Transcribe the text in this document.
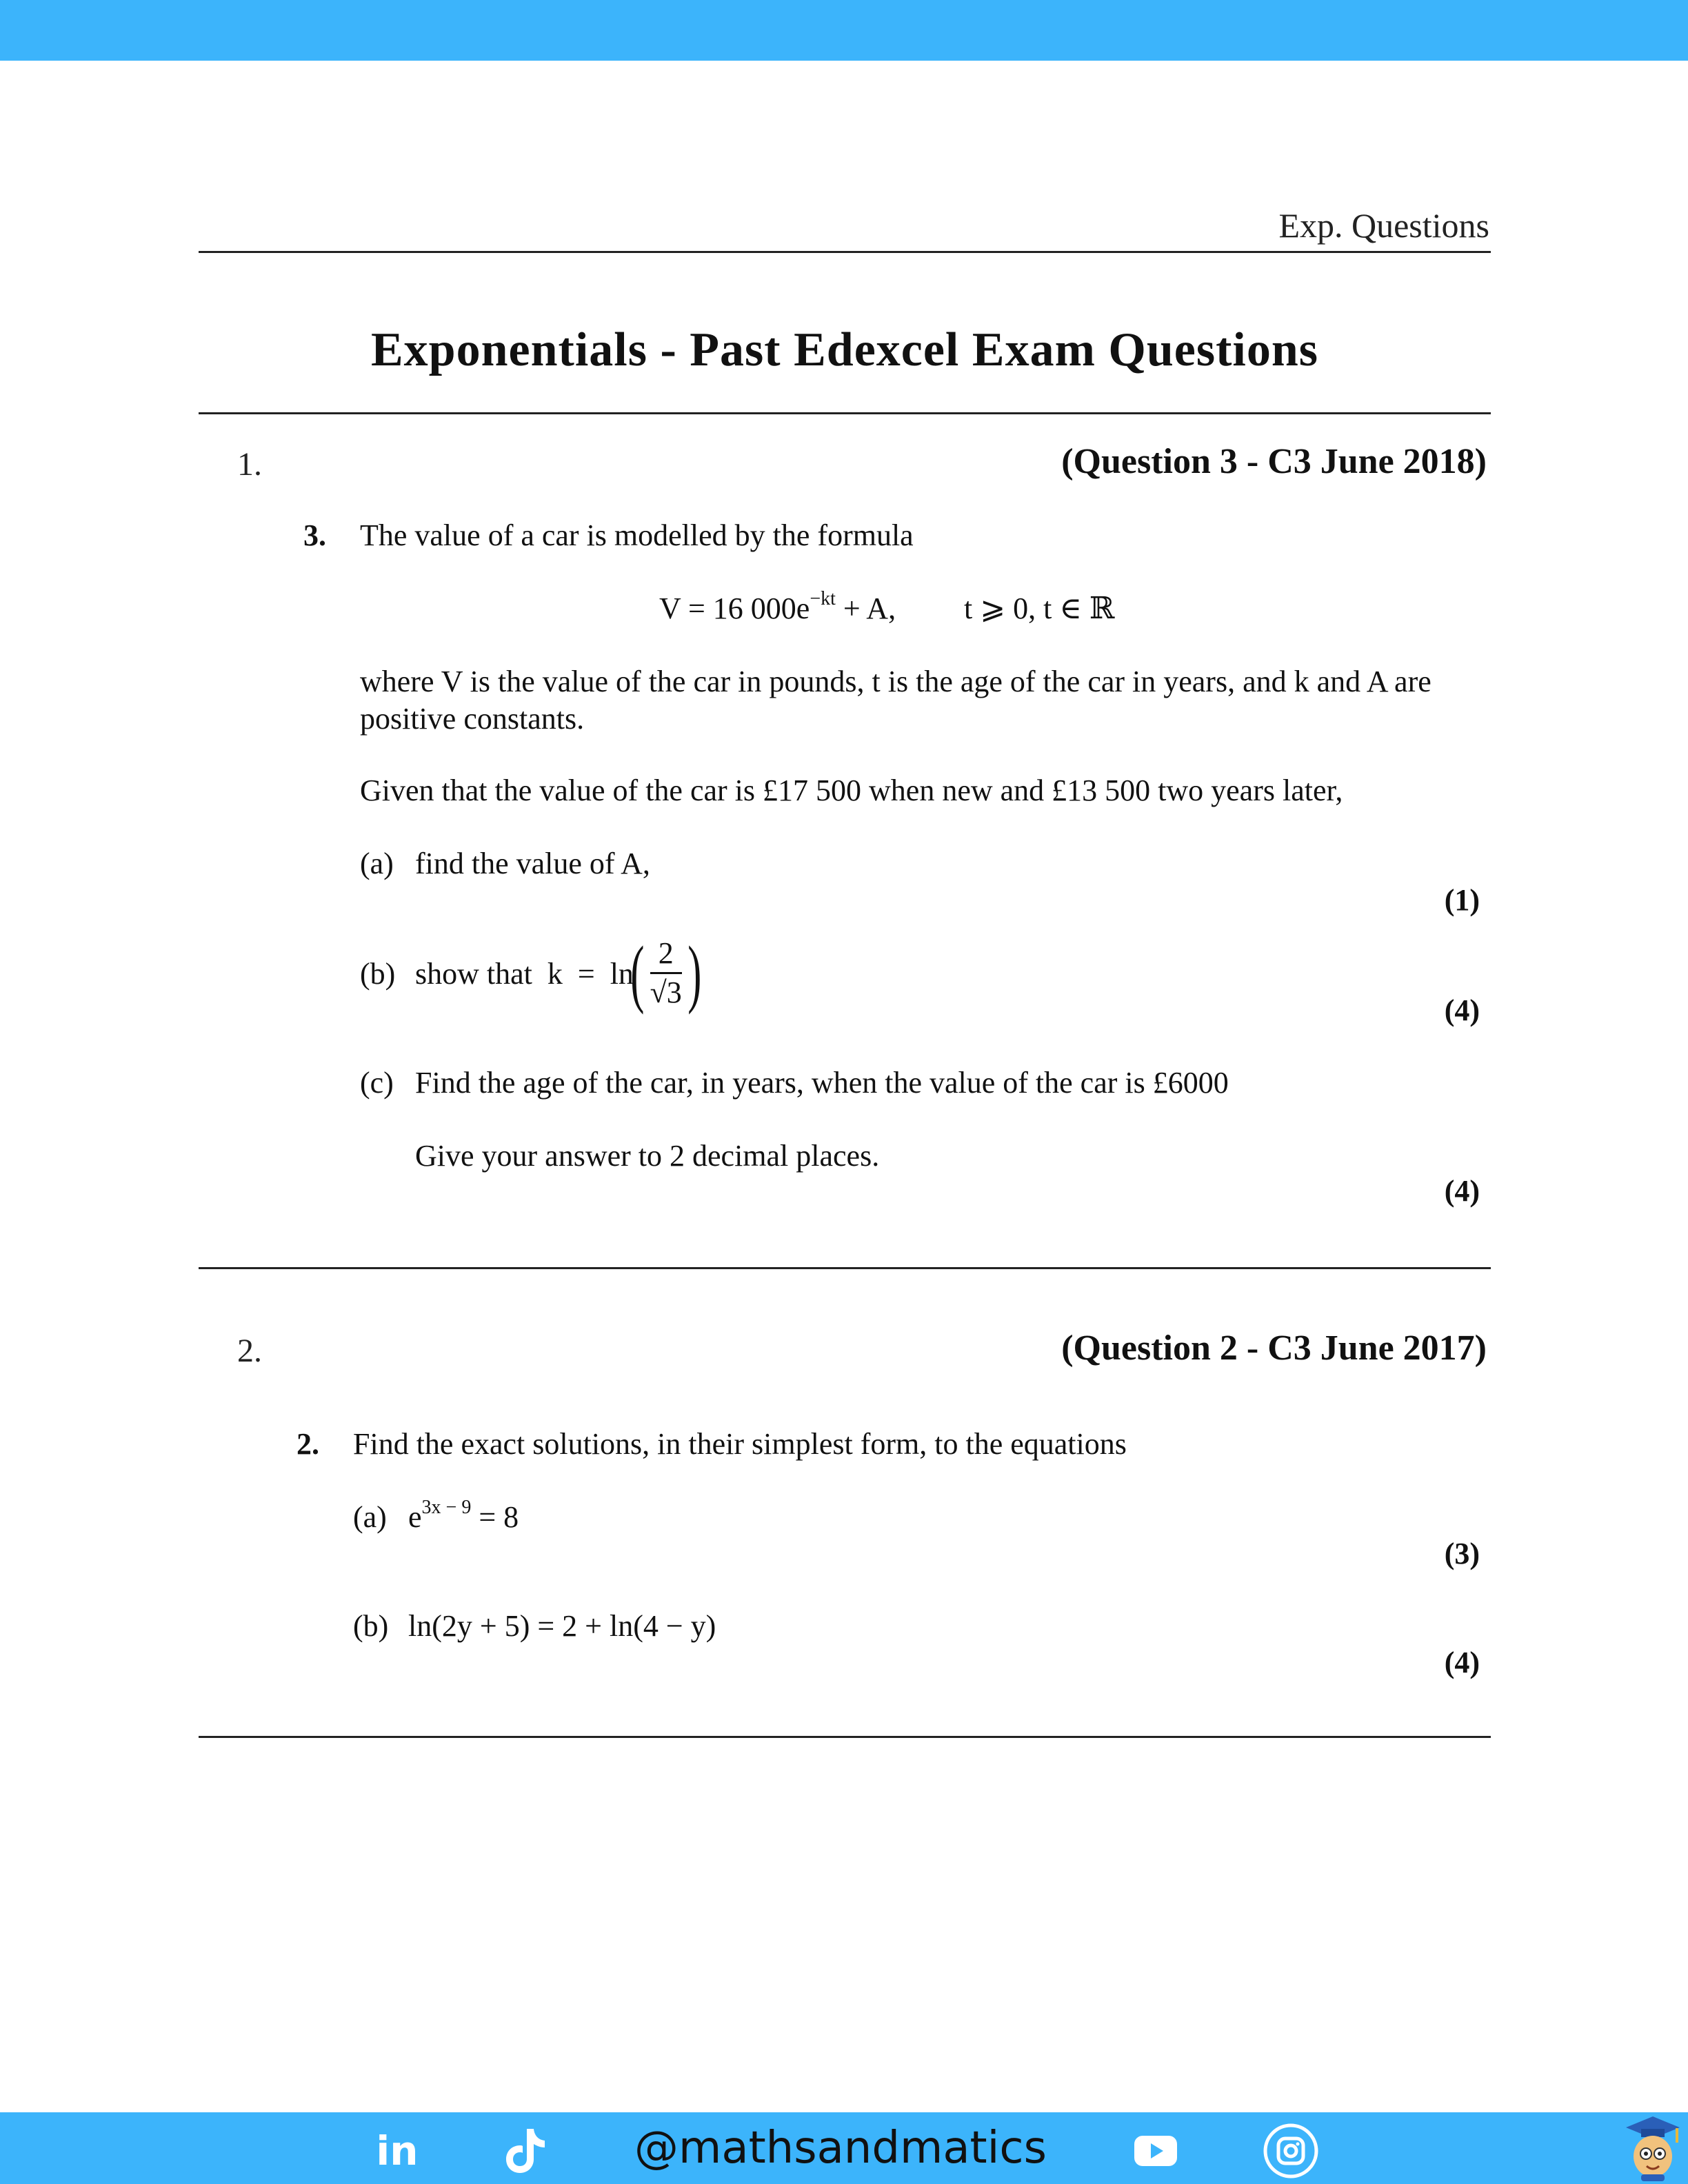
Exp. Questions
Exponentials - Past Edexcel Exam Questions
1.	(Question 3 - C3 June 2018)
3. The value of a car is modelled by the formula
V = 16 $000e^{-kt} + A$, t ⩾ 0, t ∈ ℝ
where V is the value of the car in pounds, t is the age of the car in years, and k and A are positive constants.
Given that the value of the car is £17 500 when new and £13 500 two years later,
(a) find the value of A,
(1)
(b) show that  k  =  ln
( $\frac{2}{√3}$ )	(4)
(c) Find the age of the car, in years, when the value of the car is £6000
Give your answer to 2 decimal places.
(4)
2.	(Question 2 - C3 June 2017)
2. Find the exact solutions, in their simplest form, to the equations
(a) $e^{3x - 9} = 8$
(3)
(b) ln(2y + 5) = 2 + ln(4 − y)
(4)
in	@mathsandmatics
